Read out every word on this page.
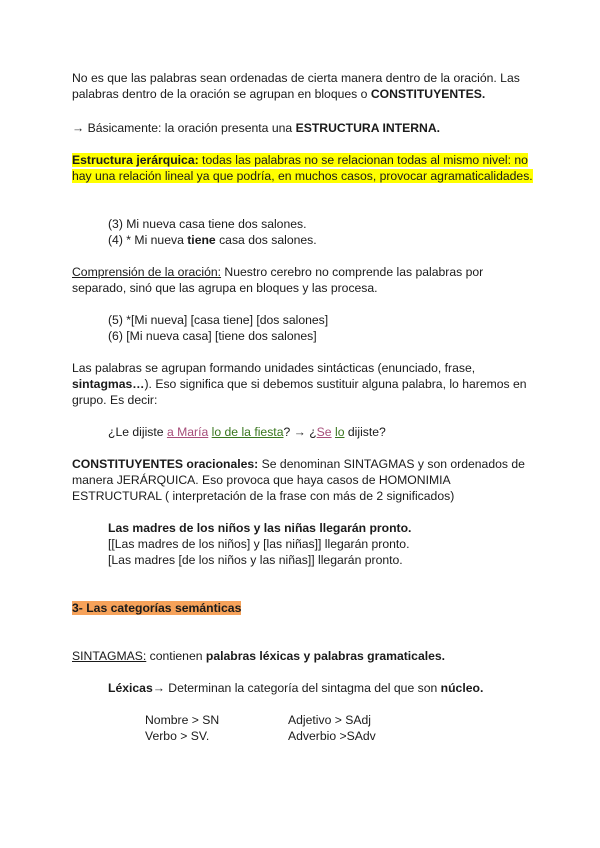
No es que las palabras sean ordenadas de cierta manera dentro de la oración. Las palabras dentro de la oración se agrupan en bloques o CONSTITUYENTES.
→ Básicamente: la oración presenta una ESTRUCTURA INTERNA.
Estructura jerárquica: todas las palabras no se relacionan todas al mismo nivel: no hay una relación lineal ya que podría, en muchos casos, provocar agramaticalidades.
(3) Mi nueva casa tiene dos salones.
(4) * Mi nueva tiene casa dos salones.
Comprensión de la oración: Nuestro cerebro no comprende las palabras por separado, sinó que las agrupa en bloques y las procesa.
(5) *[Mi nueva] [casa tiene] [dos salones]
(6) [Mi nueva casa] [tiene dos salones]
Las palabras se agrupan formando unidades sintácticas (enunciado, frase, sintagmas…). Eso significa que si debemos sustituir alguna palabra, lo haremos en grupo. Es decir:
¿Le dijiste a María lo de la fiesta? → ¿Se lo dijiste?
CONSTITUYENTES oracionales: Se denominan SINTAGMAS y son ordenados de manera JERÁRQUICA. Eso provoca que haya casos de HOMONIMIA ESTRUCTURAL ( interpretación de la frase con más de 2 significados)
Las madres de los niños y las niñas llegarán pronto.
[[Las madres de los niños] y [las niñas]] llegarán pronto.
[Las madres [de los niños y las niñas]] llegarán pronto.
3- Las categorías semánticas
SINTAGMAS: contienen palabras léxicas y palabras gramaticales.
Léxicas→ Determinan la categoría del sintagma del que son núcleo.
Nombre > SN	Adjetivo > SAdj
Verbo > SV.	Adverbio >SAdv
